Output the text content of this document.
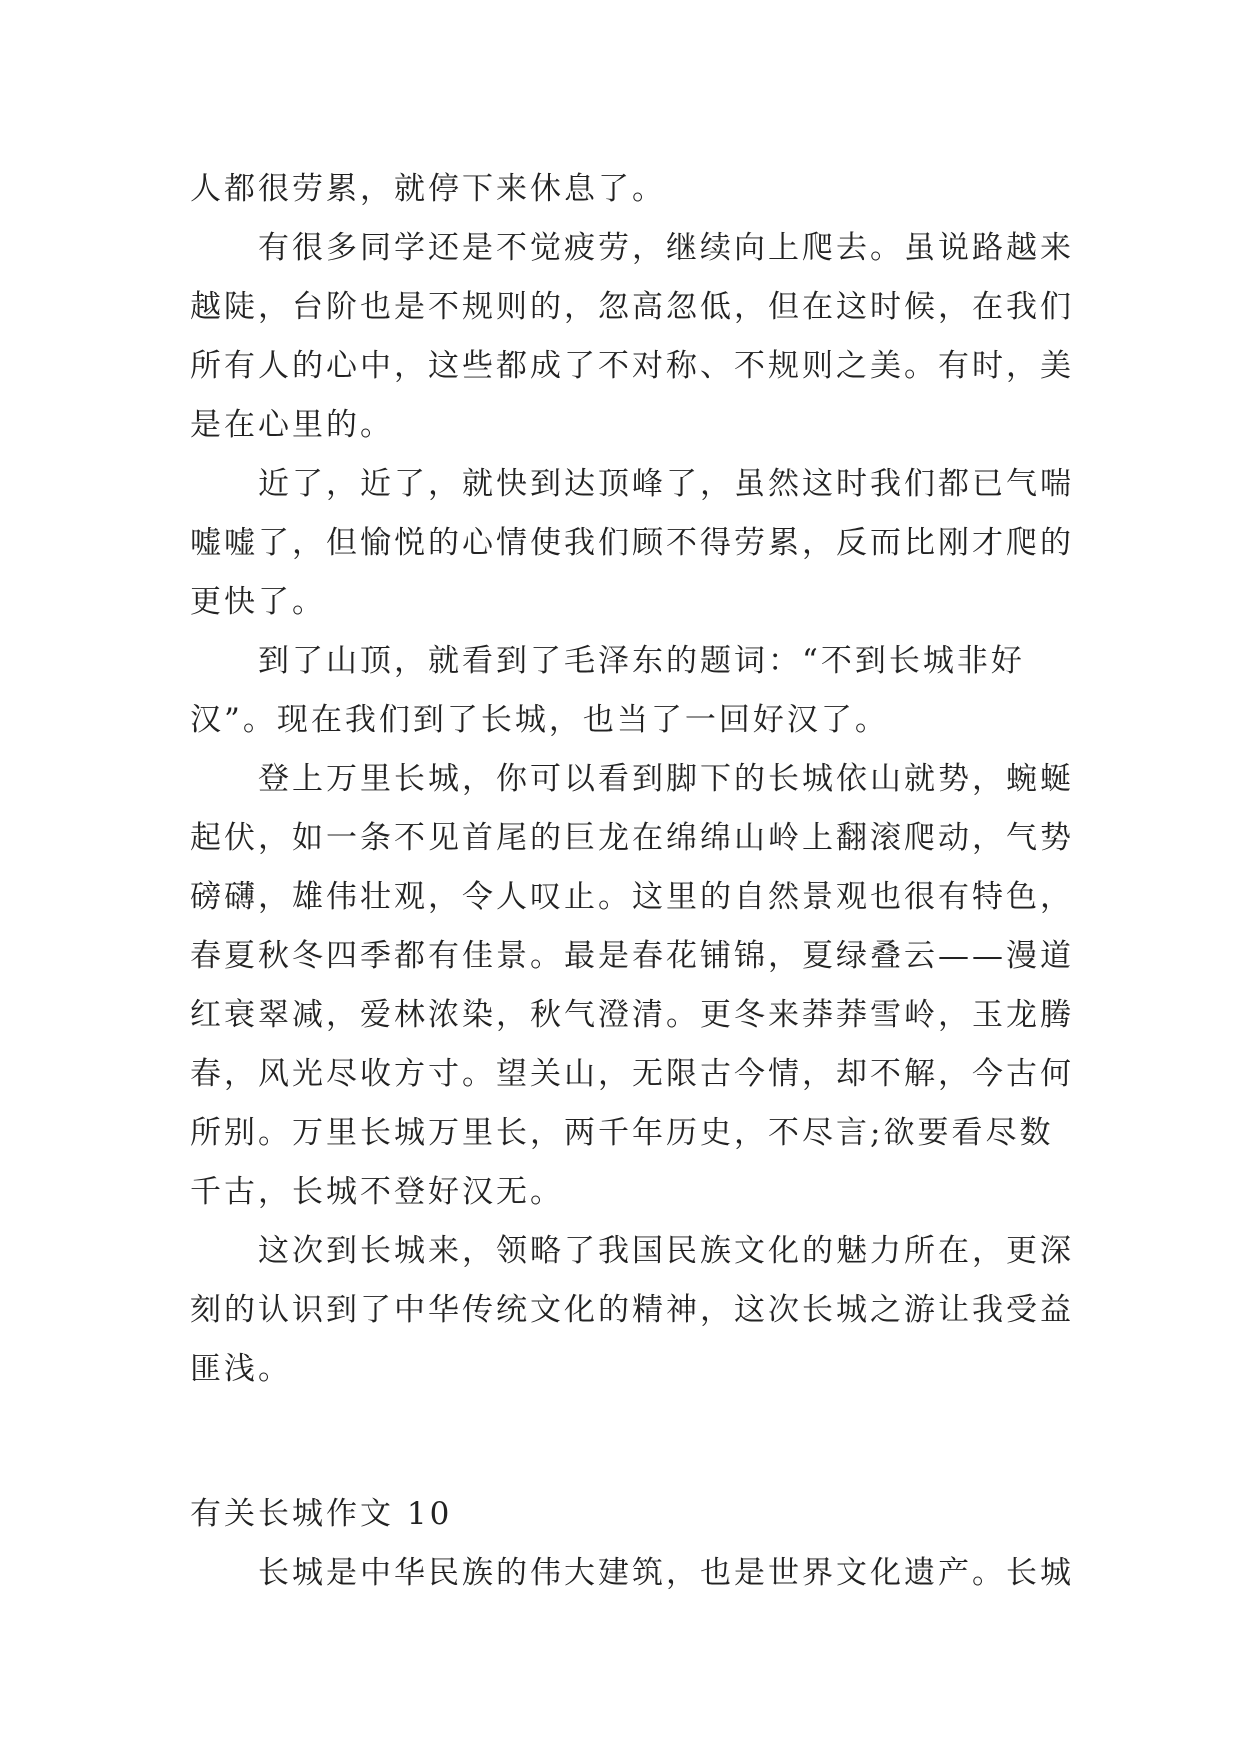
人都很劳累，就停下来休息了。
有很多同学还是不觉疲劳，继续向上爬去。虽说路越来
越陡，台阶也是不规则的，忽高忽低，但在这时候，在我们
所有人的心中，这些都成了不对称、不规则之美。有时，美
是在心里的。
近了，近了，就快到达顶峰了，虽然这时我们都已气喘
嘘嘘了，但愉悦的心情使我们顾不得劳累，反而比刚才爬的
更快了。
到了山顶，就看到了毛泽东的题词：“不到长城非好
汉”。现在我们到了长城，也当了一回好汉了。
登上万里长城，你可以看到脚下的长城依山就势，蜿蜒
起伏，如一条不见首尾的巨龙在绵绵山岭上翻滚爬动，气势
磅礴，雄伟壮观，令人叹止。这里的自然景观也很有特色，
春夏秋冬四季都有佳景。最是春花铺锦，夏绿叠云——漫道
红衰翠减，爱林浓染，秋气澄清。更冬来莽莽雪岭，玉龙腾
春，风光尽收方寸。望关山，无限古今情，却不解，今古何
所别。万里长城万里长，两千年历史，不尽言;欲要看尽数
千古，长城不登好汉无。
这次到长城来，领略了我国民族文化的魅力所在，更深
刻的认识到了中华传统文化的精神，这次长城之游让我受益
匪浅。
有关长城作文 10
长城是中华民族的伟大建筑，也是世界文化遗产。长城
